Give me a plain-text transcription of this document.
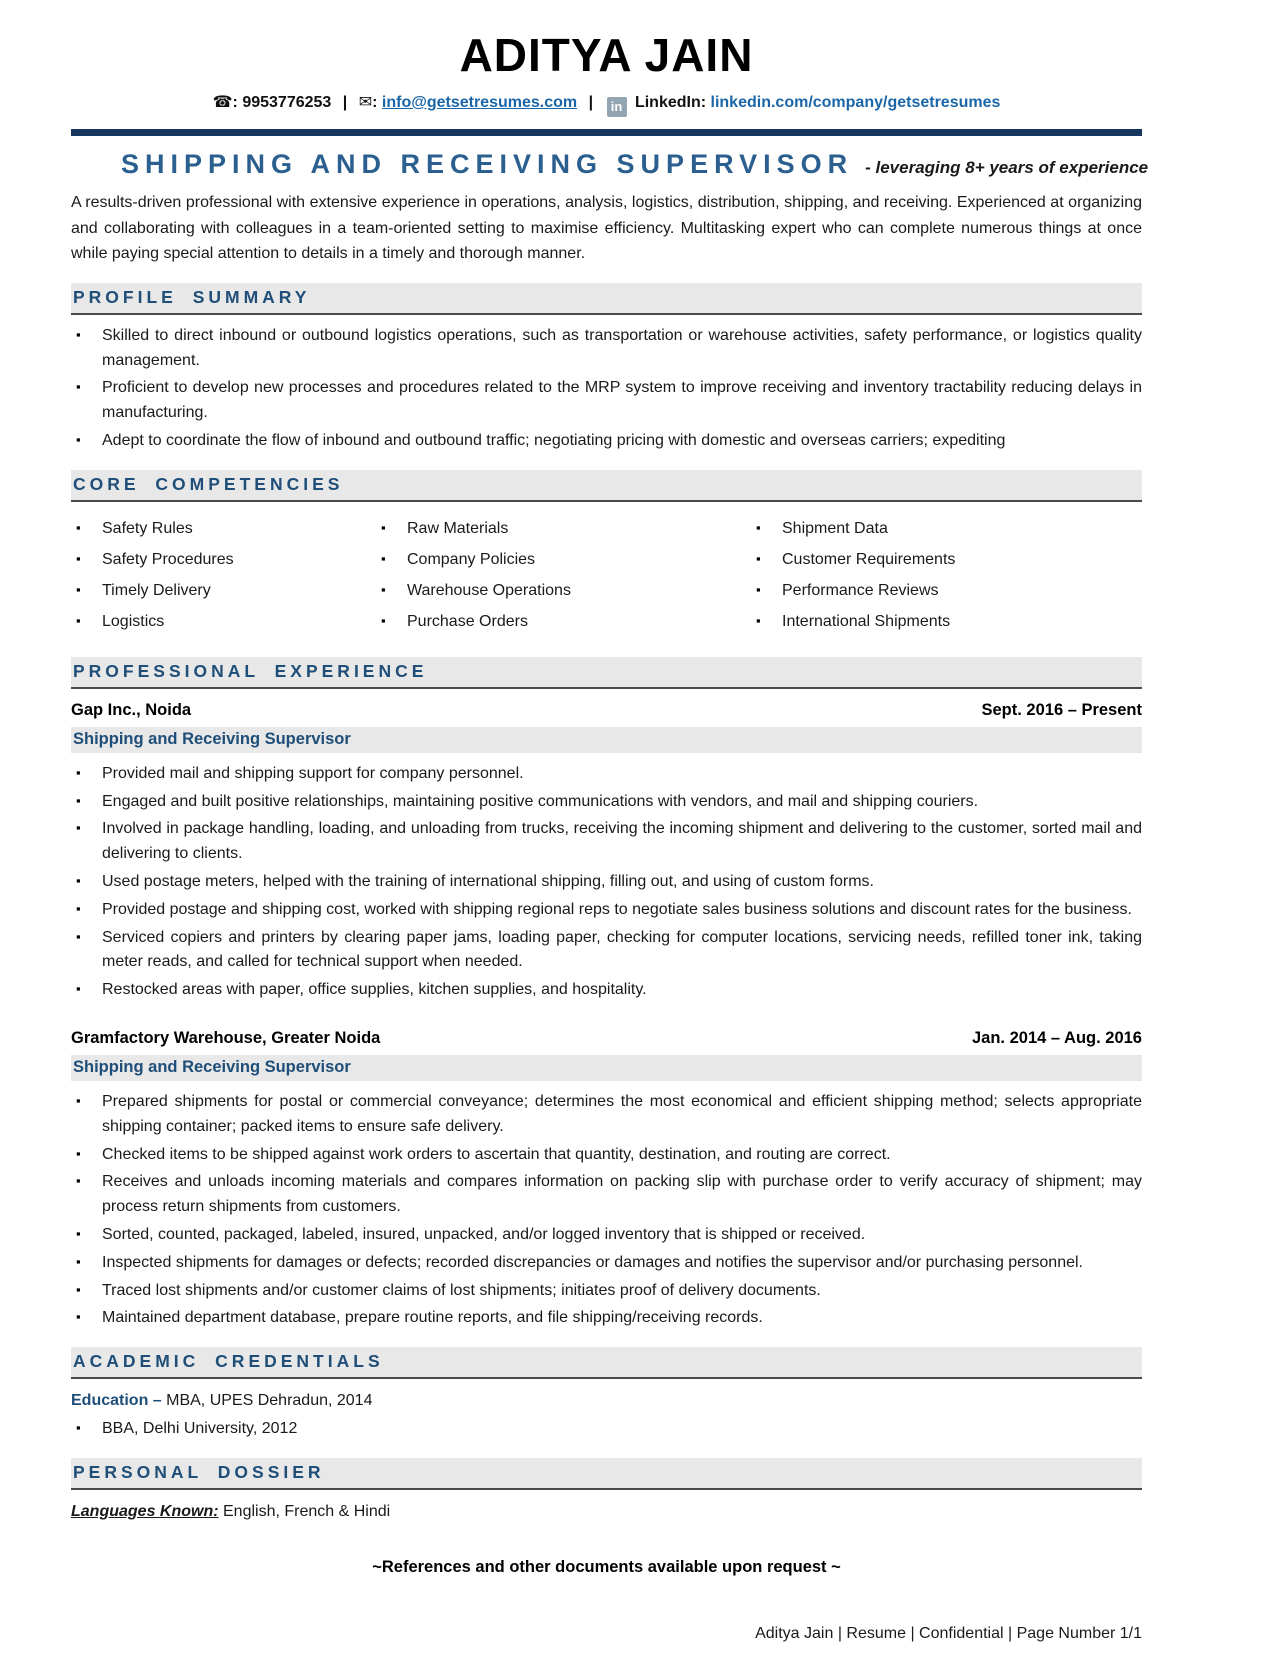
ADITYA JAIN
☎: 9953776253 | ✉: info@getsetresumes.com | in LinkedIn: linkedin.com/company/getsetresumes
SHIPPING AND RECEIVING SUPERVISOR - leveraging 8+ years of experience

A results-driven professional with extensive experience in operations, analysis, logistics, distribution, shipping, and receiving. Experienced at organizing and collaborating with colleagues in a team-oriented setting to maximise efficiency. Multitasking expert who can complete numerous things at once while paying special attention to details in a timely and thorough manner.

PROFILE SUMMARY
▪ Skilled to direct inbound or outbound logistics operations, such as transportation or warehouse activities, safety performance, or logistics quality management.
▪ Proficient to develop new processes and procedures related to the MRP system to improve receiving and inventory tractability reducing delays in manufacturing.
▪ Adept to coordinate the flow of inbound and outbound traffic; negotiating pricing with domestic and overseas carriers; expediting
CORE COMPETENCIES
▪ Safety Rules
▪ Safety Procedures
▪ Timely Delivery
▪ Logistics
▪ Raw Materials
▪ Company Policies
▪ Warehouse Operations
▪ Purchase Orders
▪ Shipment Data
▪ Customer Requirements
▪ Performance Reviews
▪ International Shipments
PROFESSIONAL EXPERIENCE
Gap Inc., Noida	Sept. 2016 – Present
Shipping and Receiving Supervisor
▪ Provided mail and shipping support for company personnel.
▪ Engaged and built positive relationships, maintaining positive communications with vendors, and mail and shipping couriers.
▪ Involved in package handling, loading, and unloading from trucks, receiving the incoming shipment and delivering to the customer, sorted mail and delivering to clients.
▪ Used postage meters, helped with the training of international shipping, filling out, and using of custom forms.
▪ Provided postage and shipping cost, worked with shipping regional reps to negotiate sales business solutions and discount rates for the business.
▪ Serviced copiers and printers by clearing paper jams, loading paper, checking for computer locations, servicing needs, refilled toner ink, taking meter reads, and called for technical support when needed.
▪ Restocked areas with paper, office supplies, kitchen supplies, and hospitality.
Gramfactory Warehouse, Greater Noida	Jan. 2014 – Aug. 2016
Shipping and Receiving Supervisor
▪ Prepared shipments for postal or commercial conveyance; determines the most economical and efficient shipping method; selects appropriate shipping container; packed items to ensure safe delivery.
▪ Checked items to be shipped against work orders to ascertain that quantity, destination, and routing are correct.
▪ Receives and unloads incoming materials and compares information on packing slip with purchase order to verify accuracy of shipment; may process return shipments from customers.
▪ Sorted, counted, packaged, labeled, insured, unpacked, and/or logged inventory that is shipped or received.
▪ Inspected shipments for damages or defects; recorded discrepancies or damages and notifies the supervisor and/or purchasing personnel.
▪ Traced lost shipments and/or customer claims of lost shipments; initiates proof of delivery documents.
▪ Maintained department database, prepare routine reports, and file shipping/receiving records.
ACADEMIC CREDENTIALS
Education – MBA, UPES Dehradun, 2014
▪ BBA, Delhi University, 2012
PERSONAL DOSSIER
Languages Known: English, French & Hindi
~References and other documents available upon request ~
Aditya Jain | Resume | Confidential | Page Number 1/1
